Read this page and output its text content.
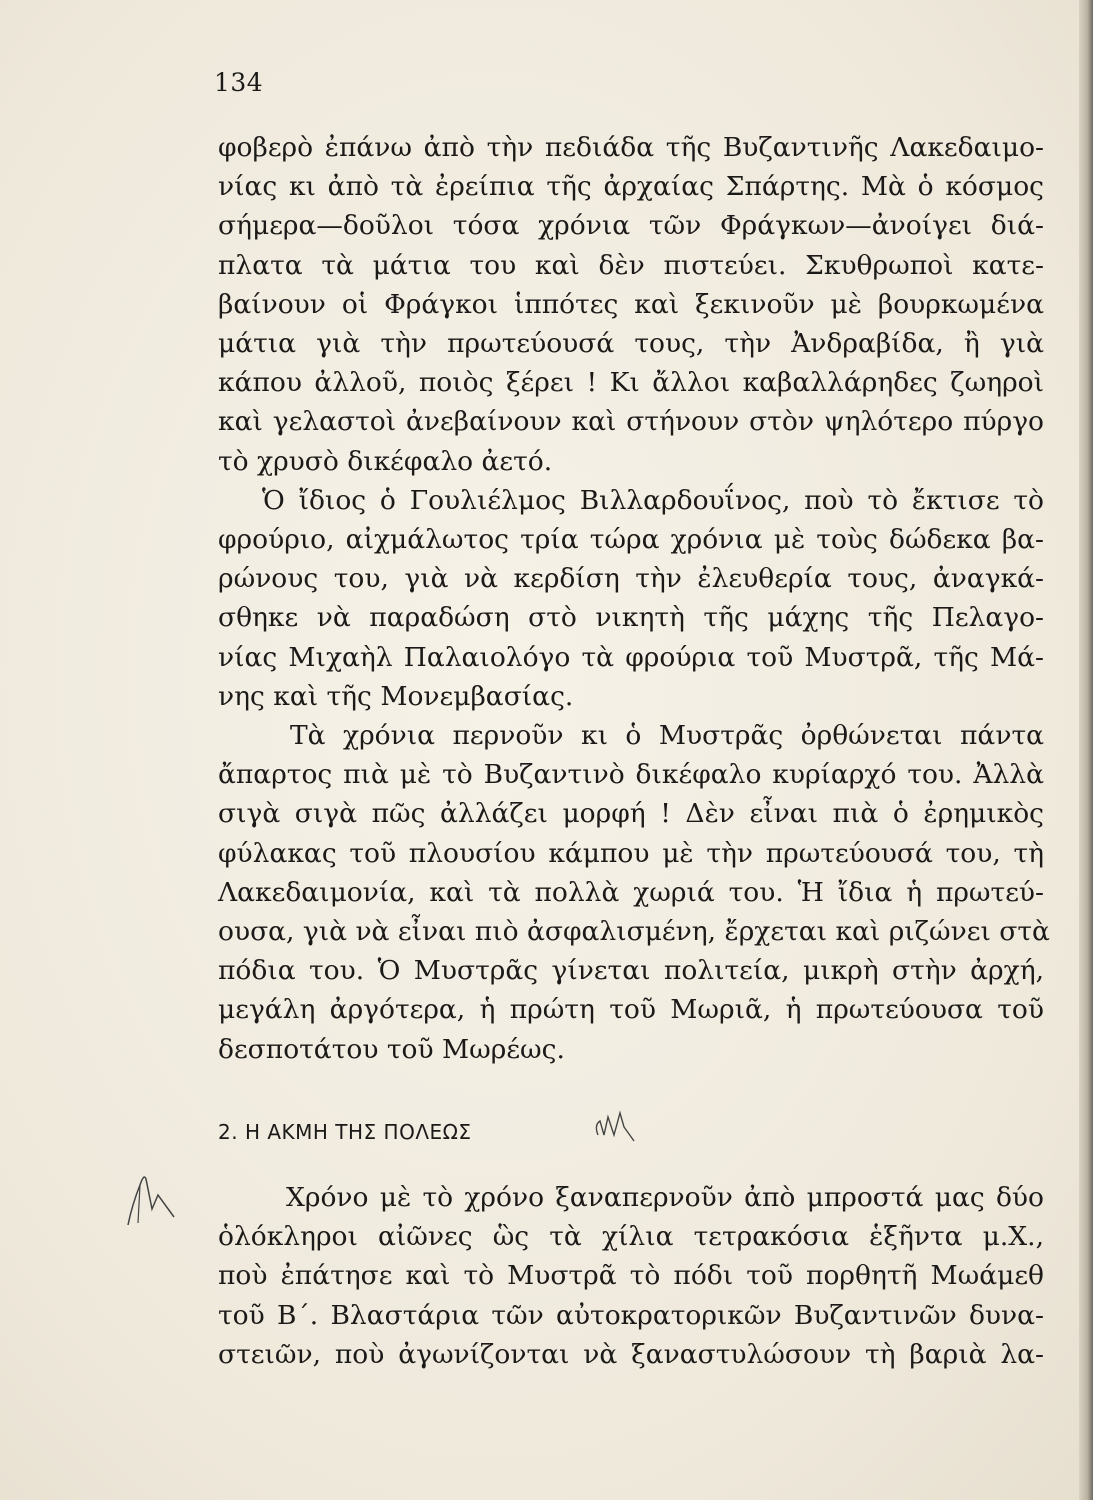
134
φοβερὸ ἐπάνω ἀπὸ τὴν πεδιάδα τῆς Βυζαντινῆς Λακεδαιμο-
νίας κι ἀπὸ τὰ ἐρείπια τῆς ἀρχαίας Σπάρτης. Μὰ ὁ κόσμος
σήμερα—δοῦλοι τόσα χρόνια τῶν Φράγκων—ἀνοίγει διά-
πλατα τὰ μάτια του καὶ δὲν πιστεύει. Σκυθρωποὶ κατε-
βαίνουν οἱ Φράγκοι ἱππότες καὶ ξεκινοῦν μὲ βουρκωμένα
μάτια γιὰ τὴν πρωτεύουσά τους, τὴν Ἀνδραβίδα, ἢ γιὰ
κάπου ἀλλοῦ, ποιὸς ξέρει ! Κι ἄλλοι καβαλλάρηδες ζωηροὶ
καὶ γελαστοὶ ἀνεβαίνουν καὶ στήνουν στὸν ψηλότερο πύργο
τὸ χρυσὸ δικέφαλο ἀετό.
Ὁ ἴδιος ὁ Γουλιέλμος Βιλλαρδουΐνος, ποὺ τὸ ἔκτισε τὸ
φρούριο, αἰχμάλωτος τρία τώρα χρόνια μὲ τοὺς δώδεκα βα-
ρώνους του, γιὰ νὰ κερδίση τὴν ἐλευθερία τους, ἀναγκά-
σθηκε νὰ παραδώση στὸ νικητὴ τῆς μάχης τῆς Πελαγο-
νίας Μιχαὴλ Παλαιολόγο τὰ φρούρια τοῦ Μυστρᾶ, τῆς Μά-
νης καὶ τῆς Μονεμβασίας.
Τὰ χρόνια περνοῦν κι ὁ Μυστρᾶς ὀρθώνεται πάντα
ἄπαρτος πιὰ μὲ τὸ Βυζαντινὸ δικέφαλο κυρίαρχό του. Ἀλλὰ
σιγὰ σιγὰ πῶς ἀλλάζει μορφή ! Δὲν εἶναι πιὰ ὁ ἐρημικὸς
φύλακας τοῦ πλουσίου κάμπου μὲ τὴν πρωτεύουσά του, τὴ
Λακεδαιμονία, καὶ τὰ πολλὰ χωριά του. Ἡ ἴδια ἡ πρωτεύ-
ουσα, γιὰ νὰ εἶναι πιὸ ἀσφαλισμένη, ἔρχεται καὶ ριζώνει στὰ
πόδια του. Ὁ Μυστρᾶς γίνεται πολιτεία, μικρὴ στὴν ἀρχή,
μεγάλη ἀργότερα, ἡ πρώτη τοῦ Μωριᾶ, ἡ πρωτεύουσα τοῦ
δεσποτάτου τοῦ Μωρέως.
2. Η ΑΚΜΗ ΤΗΣ ΠΟΛΕΩΣ
Χρόνο μὲ τὸ χρόνο ξαναπερνοῦν ἀπὸ μπροστά μας δύο
ὁλόκληροι αἰῶνες ὣς τὰ χίλια τετρακόσια ἑξῆντα μ.Χ.,
ποὺ ἐπάτησε καὶ τὸ Μυστρᾶ τὸ πόδι τοῦ πορθητῆ Μωάμεθ
τοῦ Β΄. Βλαστάρια τῶν αὐτοκρατορικῶν Βυζαντινῶν δυνα-
στειῶν, ποὺ ἀγωνίζονται νὰ ξαναστυλώσουν τὴ βαριὰ λα-
